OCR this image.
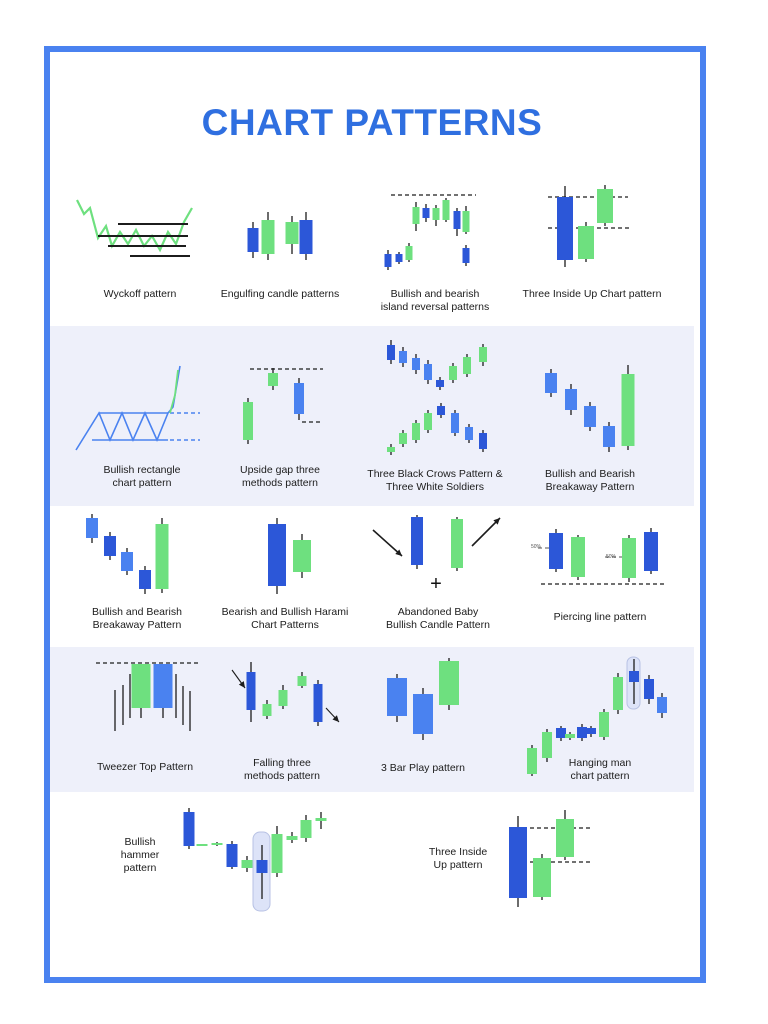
CHART PATTERNS
Wyckoff pattern	Engulfing candle patterns	Bullish and bearish
island reversal patterns
Three Inside Up Chart pattern
Bullish rectangle
chart pattern
Upside gap three
methods pattern
Three Black Crows Pattern &
Three White Soldiers
Bullish and Bearish
Breakaway Pattern
Bullish and Bearish
Breakaway Pattern
Bearish and Bullish Harami
Chart Patterns
Abandoned Baby
Bullish Candle Pattern
Piercing line pattern
Tweezer Top Pattern	Falling three
methods pattern
3 Bar Play pattern	Hanging man
chart pattern
Bullish
hammer
pattern
Three Inside
Up pattern
50%
50%
+
